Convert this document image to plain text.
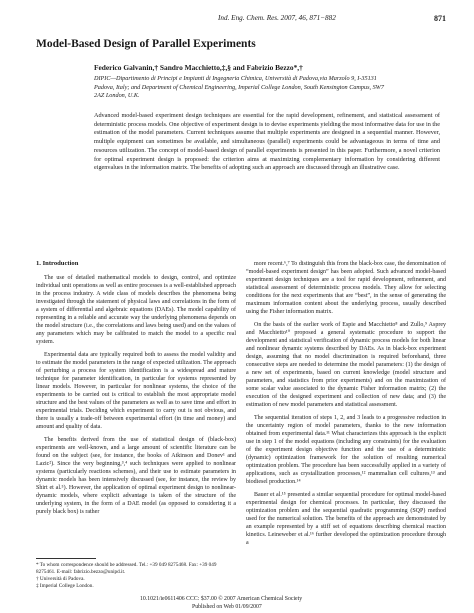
Ind. Eng. Chem. Res. 2007, 46, 871−882	871
Model-Based Design of Parallel Experiments
Federico Galvanin,† Sandro Macchietto,‡,§ and Fabrizio Bezzo*,†
DIPIC—Dipartimento di Principi e Impianti di Ingegneria Chimica, Università di Padova,via Marzolo 9, I-35131 Padova, Italy; and Department of Chemical Engineering, Imperial College London, South Kensington Campus, SW7 2AZ London, U.K.
Advanced model-based experiment design techniques are essential for the rapid development, refinement, and statistical assessment of deterministic process models. One objective of experiment design is to devise experiments yielding the most informative data for use in the estimation of the model parameters. Current techniques assume that multiple experiments are designed in a sequential manner. However, multiple equipment can sometimes be available, and simultaneous (parallel) experiments could be advantageous in terms of time and resources utilization. The concept of model-based design of parallel experiments is presented in this paper. Furthermore, a novel criterion for optimal experiment design is proposed: the criterion aims at maximizing complementary information by considering different eigenvalues in the information matrix. The benefits of adopting such an approach are discussed through an illustrative case.
1. Introduction

The use of detailed mathematical models to design, control, and optimize individual unit operations as well as entire processes is a well-established approach in the process industry. A wide class of models describes the phenomena being investigated through the statement of physical laws and correlations in the form of a system of differential and algebraic equations (DAEs). The model capability of representing in a reliable and accurate way the underlying phenomena depends on the model structure (i.e., the correlations and laws being used) and on the values of any parameters which may be calibrated to match the model to a specific real system.

Experimental data are typically required both to assess the model validity and to estimate the model parameters in the range of expected utilization. The approach of perturbing a process for system identification is a widespread and mature technique for parameter identification, in particular for systems represented by linear models. However, in particular for nonlinear systems, the choice of the experiments to be carried out is critical to establish the most appropriate model structure and the best values of the parameters as well as to save time and effort in experimental trials. Deciding which experiment to carry out is not obvious, and there is usually a trade-off between experimental effort (in time and money) and amount and quality of data.

The benefits derived from the use of statistical design of (black-box) experiments are well-known, and a large amount of scientific literature can be found on the subject (see, for instance, the books of Atkinson and Donev¹ and Lazic²). Since the very beginning,³,⁴ such techniques were applied to nonlinear systems (particularly reactions schemes), and their use to estimate parameters in dynamic models has been intensively discussed (see, for instance, the review by Shirt et al.⁵). However, the application of optimal experiment design to nonlinear-dynamic models, where explicit advantage is taken of the structure of the underlying system, in the form of a DAE model (as opposed to considering it a purely black box) is rather

more recent.⁶,⁷ To distinguish this from the black-box case, the denomination of “model-based experiment design” has been adopted. Such advanced model-based experiment design techniques are a tool for rapid development, refinement, and statistical assessment of deterministic process models. They allow for selecting conditions for the next experiments that are “best”, in the sense of generating the maximum information content about the underlying process, usually described using the Fisher information matrix.

On the basis of the earlier work of Espie and Macchietto⁸ and Zullo,⁹ Asprey and Macchietto¹⁰ proposed a general systematic procedure to support the development and statistical verification of dynamic process models for both linear and nonlinear dynamic systems described by DAEs. As in black-box experiment design, assuming that no model discrimination is required beforehand, three consecutive steps are needed to determine the model parameters: (1) the design of a new set of experiments, based on current knowledge (model structure and parameters, and statistics from prior experiments) and on the maximization of some scalar value associated to the dynamic Fisher information matrix; (2) the execution of the designed experiment and collection of new data; and (3) the estimation of new model parameters and statistical assessment.

The sequential iteration of steps 1, 2, and 3 leads to a progressive reduction in the uncertainty region of model parameters, thanks to the new information obtained from experimental data.¹¹ What characterizes this approach is the explicit use in step 1 of the model equations (including any constraints) for the evaluation of the experiment design objective function and the use of a deterministic (dynamic) optimization framework for the solution of resulting numerical optimization problem. The procedure has been successfully applied in a variety of applications, such as crystallization processes,¹² mammalian cell cultures,¹³ and biodiesel production.¹⁴

Bauer et al.¹⁵ presented a similar sequential procedure for optimal model-based experimental design for chemical processes. In particular, they discussed the optimization problem and the sequential quadratic programming (SQP) method used for the numerical solution. The benefits of the approach are demonstrated by an example represented by a stiff set of equations describing chemical reaction kinetics. Leineweber et al.¹⁶ further developed the optimization procedure through a

* To whom correspondence should be addressed. Tel.: +39 049 8275468. Fax: +39 049 8275461. E-mail: fabrizio.bezzo@unipd.it.
† Università di Padova.
‡ Imperial College London.
10.1021/ie0611406 CCC: $37.00 © 2007 American Chemical Society
Published on Web 01/09/2007
